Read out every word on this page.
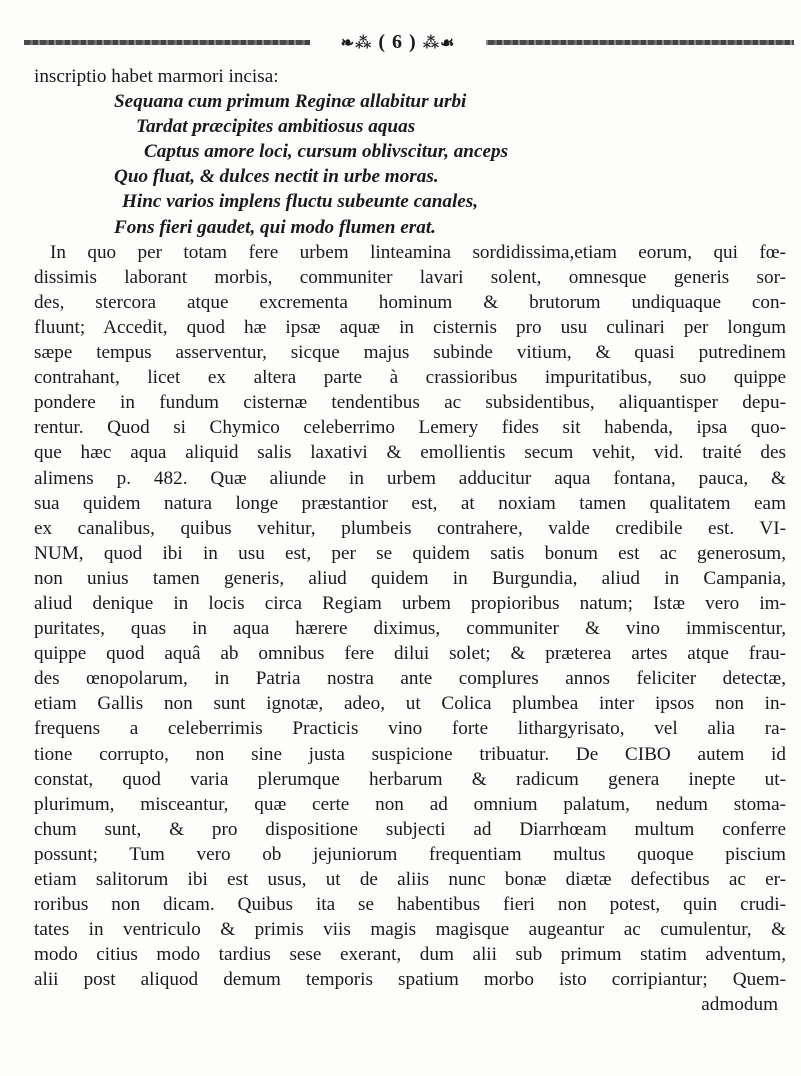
❧⁂ ( 6 ) ⁂☙
inscriptio habet marmori incisa:
Sequana cum primum Reginæ allabitur urbi
Tardat præcipites ambitiosus aquas
Captus amore loci, cursum oblivscitur, anceps
Quo fluat, & dulces nectit in urbe moras.
Hinc varios implens fluctu subeunte canales,
Fons fieri gaudet, qui modo flumen erat.
In quo per totam fere urbem linteamina sordidissima,etiam eorum, qui fœ-
dissimis laborant morbis, communiter lavari solent, omnesque generis sor-
des, stercora atque excrementa hominum & brutorum undiquaque con-
fluunt; Accedit, quod hæ ipsæ aquæ in cisternis pro usu culinari per longum
sæpe tempus asserventur, sicque majus subinde vitium, & quasi putredinem
contrahant, licet ex altera parte à crassioribus impuritatibus, suo quippe
pondere in fundum cisternæ tendentibus ac subsidentibus, aliquantisper depu-
rentur. Quod si Chymico celeberrimo Lemery fides sit habenda, ipsa quo-
que hæc aqua aliquid salis laxativi & emollientis secum vehit, vid. traité des
alimens p. 482. Quæ aliunde in urbem adducitur aqua fontana, pauca, &
sua quidem natura longe præstantior est, at noxiam tamen qualitatem eam
ex canalibus, quibus vehitur, plumbeis contrahere, valde credibile est. VI-
NUM, quod ibi in usu est, per se quidem satis bonum est ac generosum,
non unius tamen generis, aliud quidem in Burgundia, aliud in Campania,
aliud denique in locis circa Regiam urbem propioribus natum; Istæ vero im-
puritates, quas in aqua hærere diximus, communiter & vino immiscentur,
quippe quod aquâ ab omnibus fere dilui solet; & præterea artes atque frau-
des œnopolarum, in Patria nostra ante complures annos feliciter detectæ,
etiam Gallis non sunt ignotæ, adeo, ut Colica plumbea inter ipsos non in-
frequens a celeberrimis Practicis vino forte lithargyrisato, vel alia ra-
tione corrupto, non sine justa suspicione tribuatur. De CIBO autem id
constat, quod varia plerumque herbarum & radicum genera inepte ut-
plurimum, misceantur, quæ certe non ad omnium palatum, nedum stoma-
chum sunt, & pro dispositione subjecti ad Diarrhœam multum conferre
possunt; Tum vero ob jejuniorum frequentiam multus quoque piscium
etiam salitorum ibi est usus, ut de aliis nunc bonæ diætæ defectibus ac er-
roribus non dicam. Quibus ita se habentibus fieri non potest, quin crudi-
tates in ventriculo & primis viis magis magisque augeantur ac cumulentur, &
modo citius modo tardius sese exerant, dum alii sub primum statim adventum,
alii post aliquod demum temporis spatium morbo isto corripiantur; Quem-
admodum
